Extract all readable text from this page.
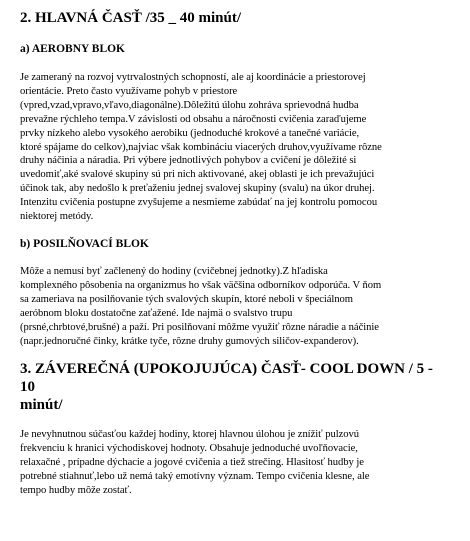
2. HLAVNÁ ČASŤ /35 _ 40 minút/
a) AEROBNY BLOK

Je zameraný na rozvoj vytrvalostných schopností, ale aj koordinácie a priestorovej
orientácie. Preto často využívame pohyb v priestore
(vpred,vzad,vpravo,vľavo,diagonálne).Dôležitú úlohu zohráva sprievodná hudba
prevažne rýchleho tempa.V závislosti od obsahu a náročnosti cvičenia zaraďujeme
prvky nízkeho alebo vysokého aerobiku (jednoduché krokové a tanečné variácie,
ktoré spájame do celkov),najviac však kombináciu viacerých druhov,využívame rôzne
druhy náčinia a náradia. Pri výbere jednotlivých pohybov a cvičení je dôležité si
uvedomiť,aké svalové skupiny sú pri nich aktivované, akej oblasti je ich prevažujúci
účinok tak, aby nedošlo k preťaženiu jednej svalovej skupiny (svalu) na úkor druhej.
Intenzitu cvičenia postupne zvyšujeme a nesmieme zabúdať na jej kontrolu pomocou
niektorej metódy.

b) POSILŇOVACÍ BLOK

Môže a nemusí byť začlenený do hodiny (cvičebnej jednotky).Z hľadiska
komplexného pôsobenia na organizmus ho však väčšina odborníkov odporúča. V ňom
sa zameriava na posilňovanie tých svalových skupín, ktoré neboli v špeciálnom
aeróbnom bloku dostatočne zaťažené. Ide najmä o svalstvo trupu
(prsné,chrbtové,brušné) a paží. Pri posilňovaní môžme využiť rôzne náradie a náčinie
(napr.jednoručné činky, krátke tyče, rôzne druhy gumových siličov-expanderov).

3. ZÁVEREČNÁ (UPOKOJUJÚCA) ČASŤ- COOL DOWN / 5 - 10
minút/

Je nevyhnutnou súčasťou každej hodiny, ktorej hlavnou úlohou je znížiť pulzovú
frekvenciu k hranici východiskovej hodnoty. Obsahuje jednoduché uvoľňovacie,
relaxačné , prípadne dýchacie a jogové cvičenia a tiež strečing. Hlasitosť hudby je
potrebné stiahnuť,lebo už nemá taký emotívny význam. Tempo cvičenia klesne, ale
tempo hudby môže zostať.
